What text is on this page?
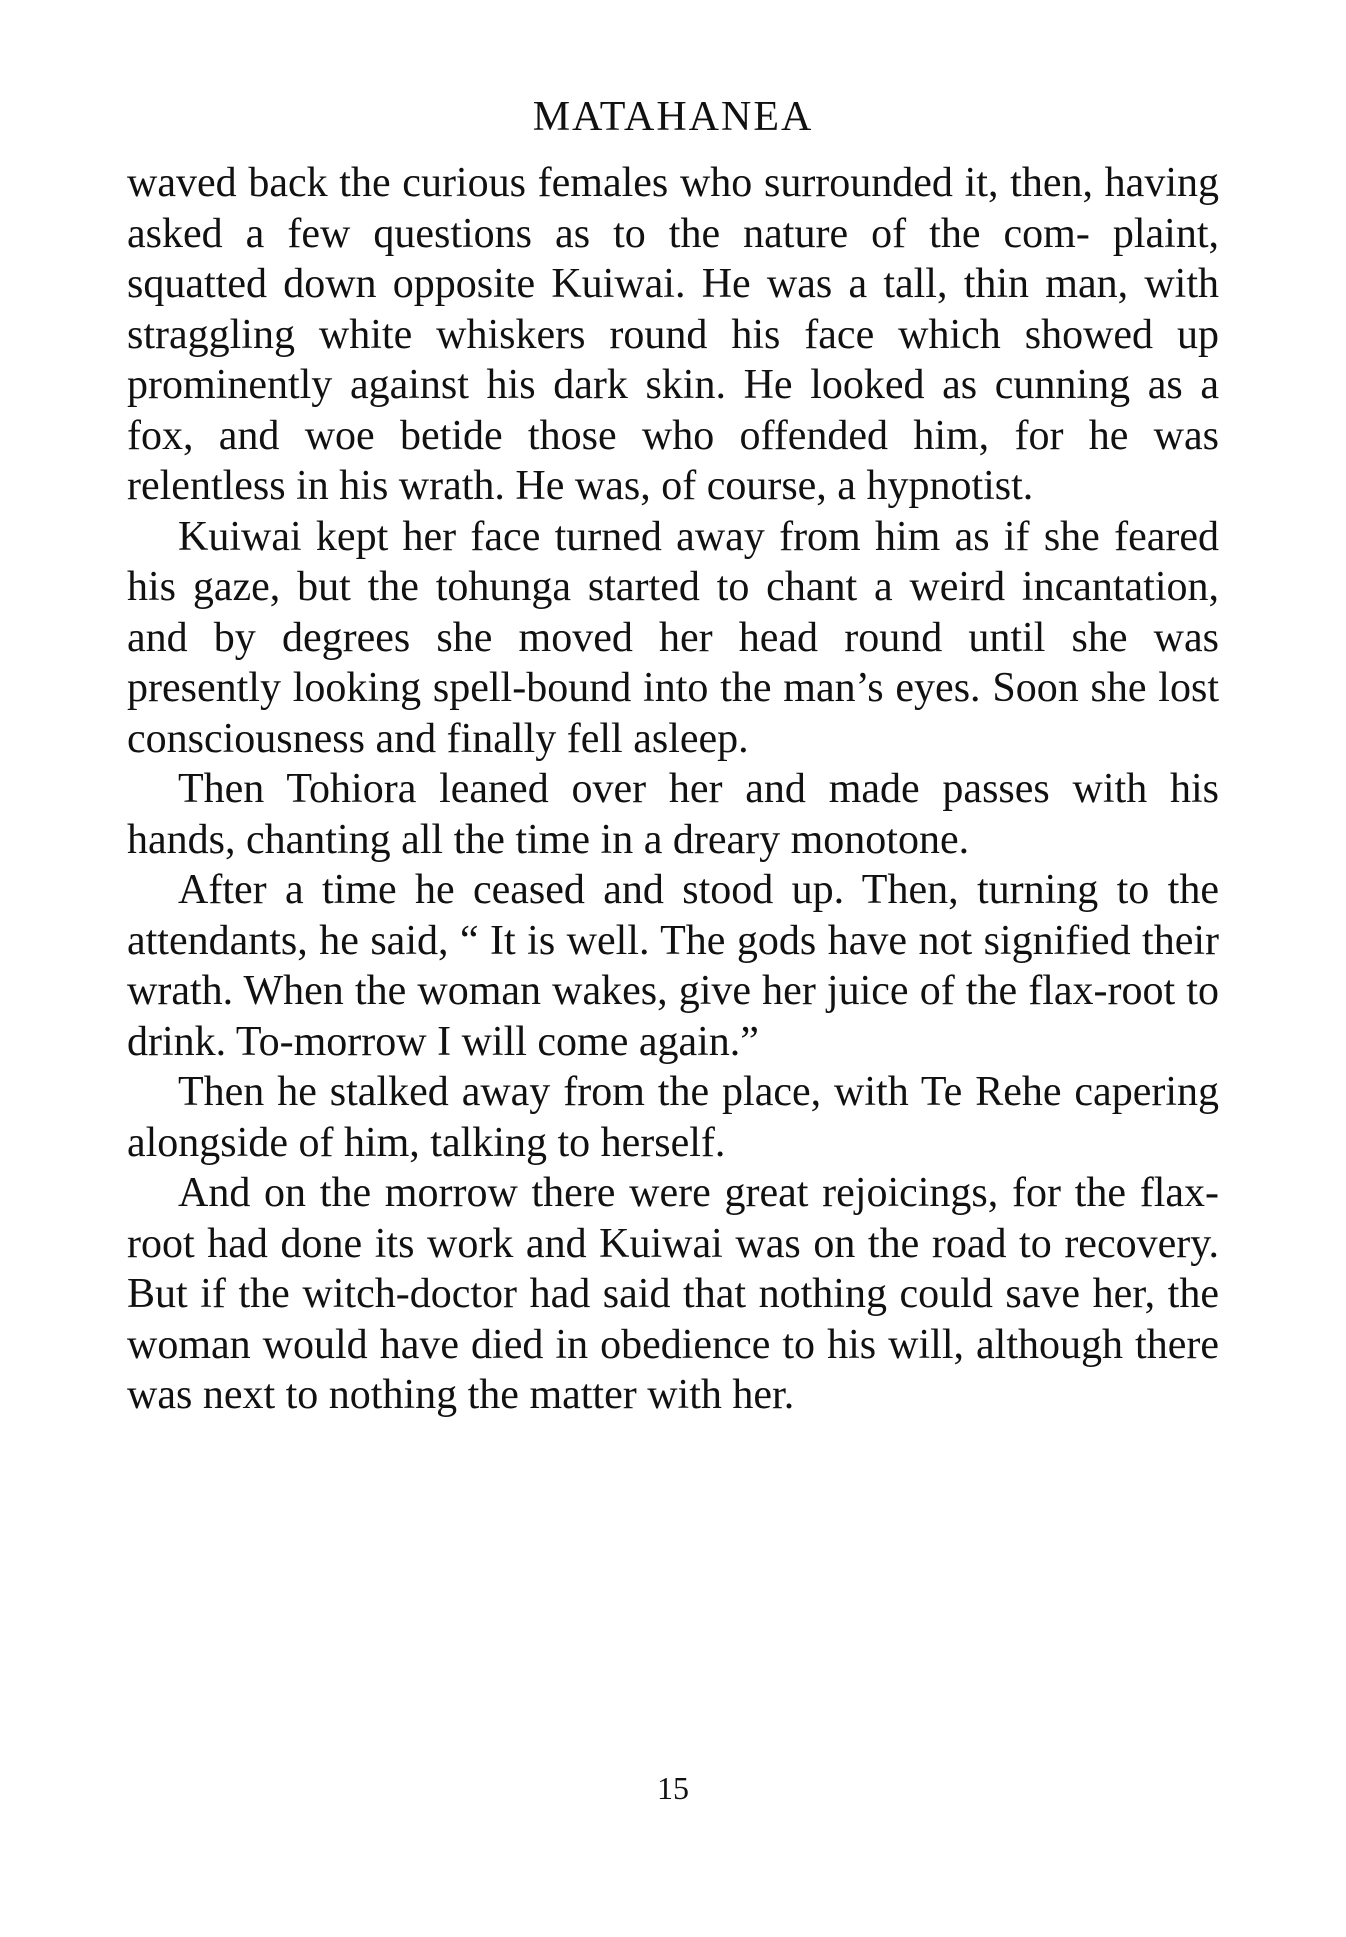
MATAHANEA

waved back the curious females who surrounded it, then, having asked a few questions as to the nature of the com- plaint, squatted down opposite Kuiwai. He was a tall, thin man, with straggling white whiskers round his face which showed up prominently against his dark skin. He looked as cunning as a fox, and woe betide those who offended him, for he was relentless in his wrath. He was, of course, a hypnotist.

Kuiwai kept her face turned away from him as if she feared his gaze, but the tohunga started to chant a weird incantation, and by degrees she moved her head round until she was presently looking spell-bound into the man’s eyes. Soon she lost consciousness and finally fell asleep.

Then Tohiora leaned over her and made passes with his hands, chanting all the time in a dreary monotone.

After a time he ceased and stood up. Then, turning to the attendants, he said, “ It is well. The gods have not signified their wrath. When the woman wakes, give her juice of the flax-root to drink. To-morrow I will come again.”

Then he stalked away from the place, with Te Rehe capering alongside of him, talking to herself.

And on the morrow there were great rejoicings, for the flax-root had done its work and Kuiwai was on the road to recovery. But if the witch-doctor had said that nothing could save her, the woman would have died in obedience to his will, although there was next to nothing the matter with her.

15
